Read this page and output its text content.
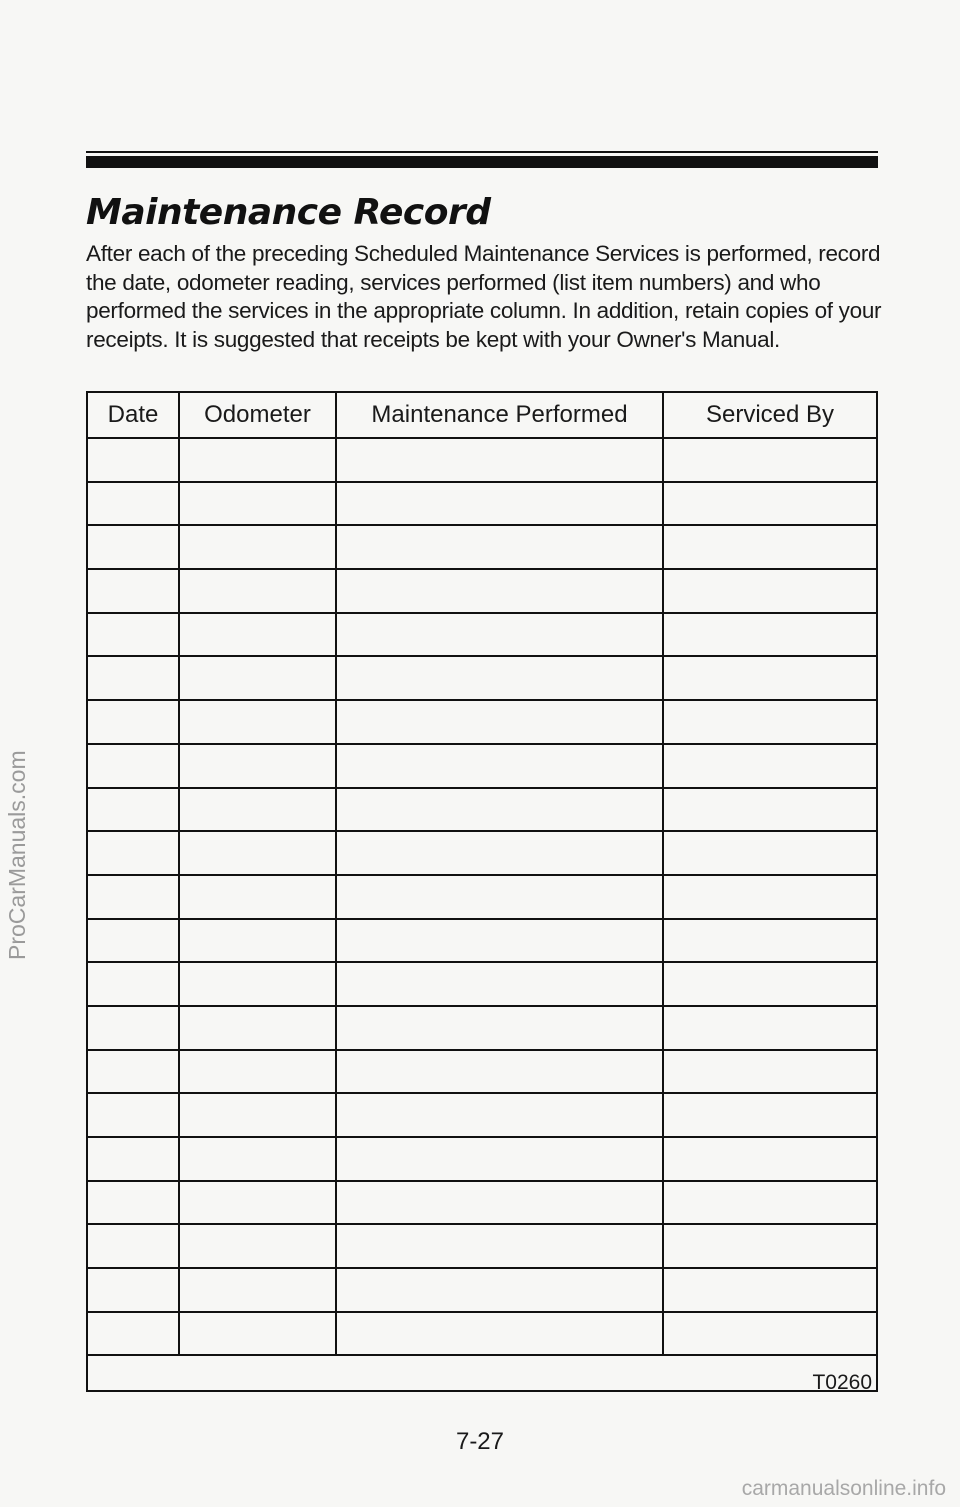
Maintenance Record

After each of the preceding Scheduled Maintenance Services is performed, record the date, odometer reading, services performed (list item numbers) and who performed the services in the appropriate column. In addition, retain copies of your receipts. It is suggested that receipts be kept with your Owner's Manual.

Date	Odometer	Maintenance Performed	Serviced By
T0260
7-27
ProCarManuals.com
carmanualsonline.info
